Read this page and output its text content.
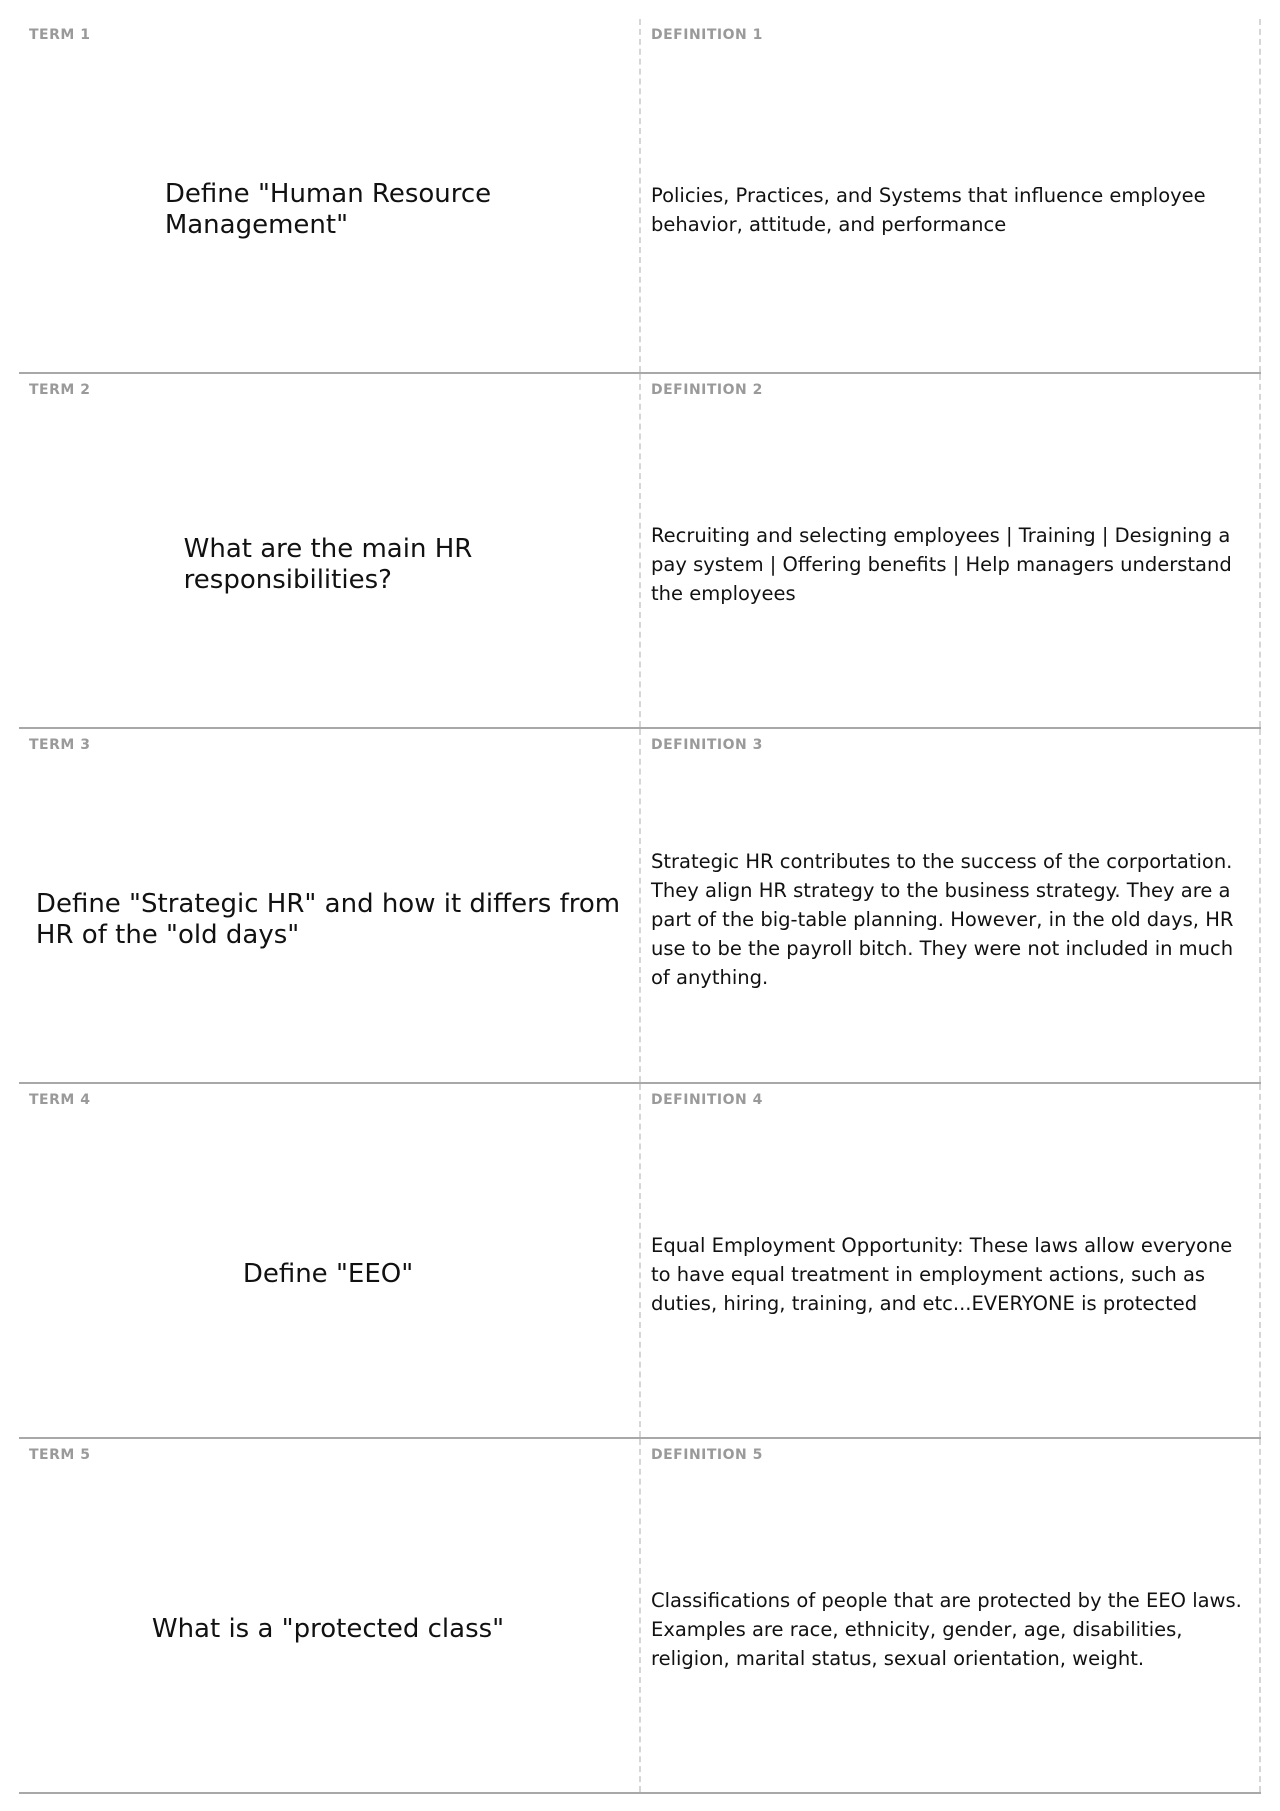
TERM 1
Define "Human Resource
Management"
DEFINITION 1
Policies, Practices, and Systems that influence employee behavior, attitude, and performance
TERM 2
What are the main HR
responsibilities?
DEFINITION 2
Recruiting and selecting employees | Training | Designing a pay system | Offering benefits | Help managers understand the employees
TERM 3
Define "Strategic HR" and how it differs from
HR of the "old days"
DEFINITION 3
Strategic HR contributes to the success of the corportation. They align HR strategy to the business strategy. They are a part of the big-table planning. However, in the old days, HR use to be the payroll bitch. They were not included in much of anything.
TERM 4
Define "EEO"
DEFINITION 4
Equal Employment Opportunity: These laws allow everyone to have equal treatment in employment actions, such as duties, hiring, training, and etc...EVERYONE is protected
TERM 5
What is a "protected class"
DEFINITION 5
Classifications of people that are protected by the EEO laws. Examples are race, ethnicity, gender, age, disabilities, religion, marital status, sexual orientation, weight.
